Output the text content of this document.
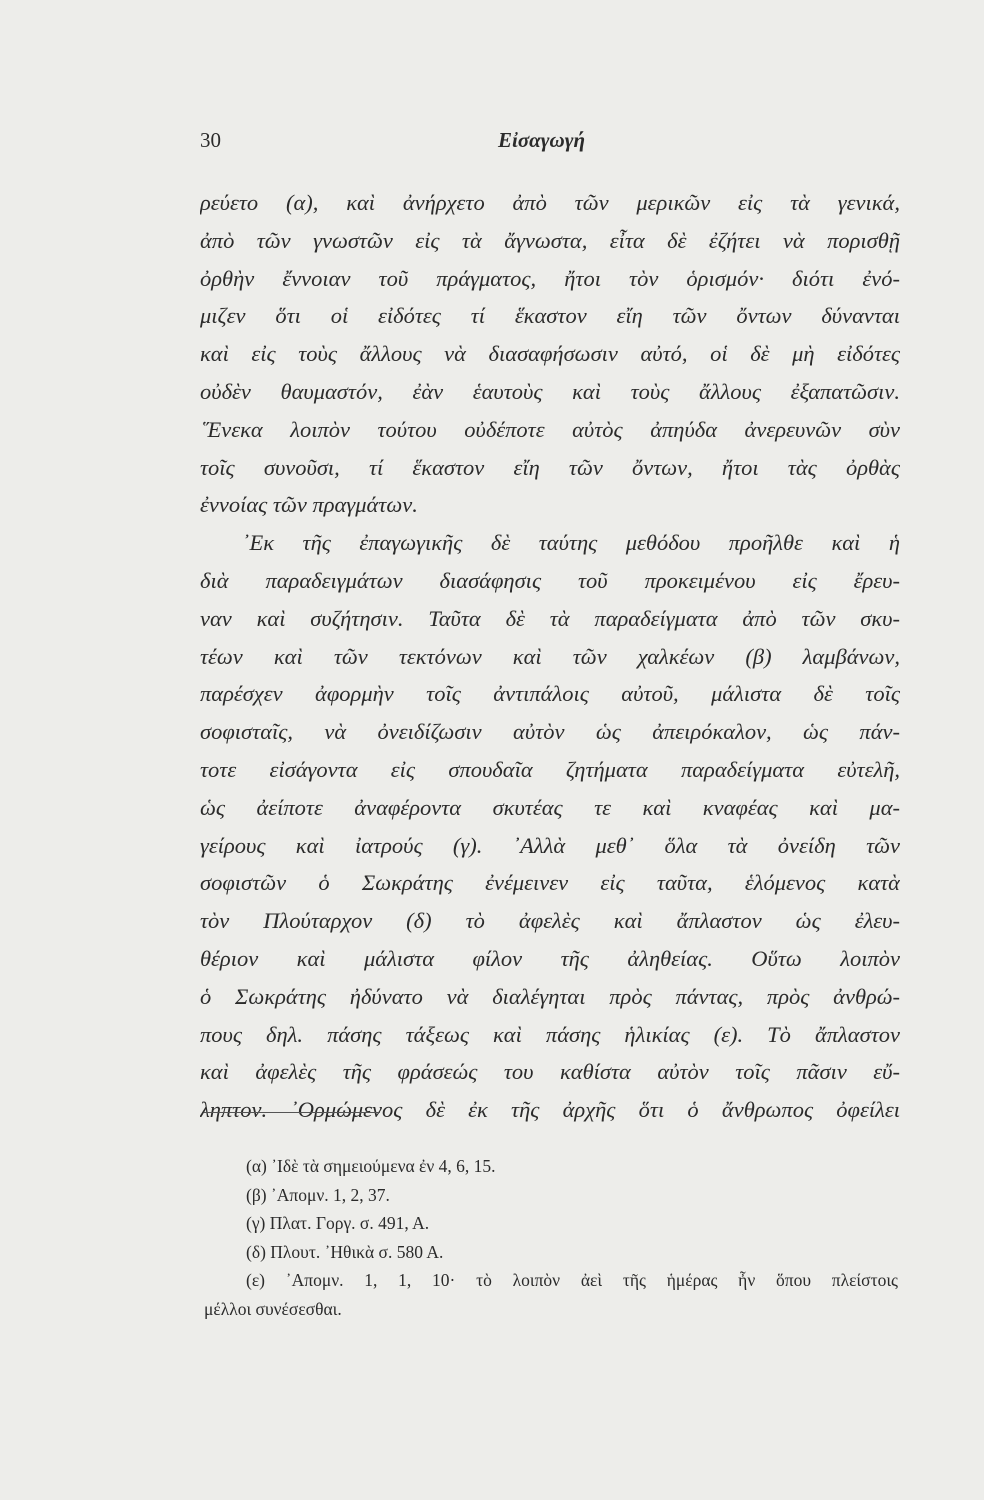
30	Εἰσαγωγή
ρεύετο (α), καὶ ἀνήρχετο ἀπὸ τῶν μερικῶν εἰς τὰ γενικά,
ἀπὸ τῶν γνωστῶν εἰς τὰ ἄγνωστα, εἶτα δὲ ἐζήτει νὰ πορισθῇ
ὀρθὴν ἔννοιαν τοῦ πράγματος, ἤτοι τὸν ὁρισμόν· διότι ἐνό-
μιζεν ὅτι οἱ εἰδότες τί ἕκαστον εἴη τῶν ὄντων δύνανται
καὶ εἰς τοὺς ἄλλους νὰ διασαφήσωσιν αὐτό, οἱ δὲ μὴ εἰδότες
οὐδὲν θαυμαστόν, ἐὰν ἑαυτοὺς καὶ τοὺς ἄλλους ἐξαπατῶσιν.
῞Ενεκα λοιπὸν τούτου οὐδέποτε αὐτὸς ἀπηύδα ἀνερευνῶν σὺν
τοῖς συνοῦσι, τί ἕκαστον εἴη τῶν ὄντων, ἤτοι τὰς ὀρθὰς
ἐννοίας τῶν πραγμάτων.
᾿Εκ τῆς ἐπαγωγικῆς δὲ ταύτης μεθόδου προῆλθε καὶ ἡ
διὰ παραδειγμάτων διασάφησις τοῦ προκειμένου εἰς ἔρευ-
ναν καὶ συζήτησιν. Ταῦτα δὲ τὰ παραδείγματα ἀπὸ τῶν σκυ-
τέων καὶ τῶν τεκτόνων καὶ τῶν χαλκέων (β) λαμβάνων,
παρέσχεν ἀφορμὴν τοῖς ἀντιπάλοις αὐτοῦ, μάλιστα δὲ τοῖς
σοφισταῖς, νὰ ὀνειδίζωσιν αὐτὸν ὡς ἀπειρόκαλον, ὡς πάν-
τοτε εἰσάγοντα εἰς σπουδαῖα ζητήματα παραδείγματα εὐτελῆ,
ὡς ἀείποτε ἀναφέροντα σκυτέας τε καὶ κναφέας καὶ μα-
γείρους καὶ ἰατρούς (γ). ᾿Αλλὰ μεθ᾿ ὅλα τὰ ὀνείδη τῶν
σοφιστῶν ὁ Σωκράτης ἐνέμεινεν εἰς ταῦτα, ἑλόμενος κατὰ
τὸν Πλούταρχον (δ) τὸ ἀφελὲς καὶ ἄπλαστον ὡς ἐλευ-
θέριον καὶ μάλιστα φίλον τῆς ἀληθείας. Οὕτω λοιπὸν
ὁ Σωκράτης ἠδύνατο νὰ διαλέγηται πρὸς πάντας, πρὸς ἀνθρώ-
πους δηλ. πάσης τάξεως καὶ πάσης ἡλικίας (ε). Τὸ ἄπλαστον
καὶ ἀφελὲς τῆς φράσεώς του καθίστα αὐτὸν τοῖς πᾶσιν εὔ-
ληπτον. ᾿Ορμώμενος δὲ ἐκ τῆς ἀρχῆς ὅτι ὁ ἄνθρωπος ὀφείλει
(α) ᾿Ιδὲ τὰ σημειούμενα ἐν 4, 6, 15.
(β) ᾿Απομν. 1, 2, 37.
(γ) Πλατ. Γοργ. σ. 491, Α.
(δ) Πλουτ. ᾿Ηθικὰ σ. 580 Α.
(ε) ᾿Απομν. 1, 1, 10· τὸ λοιπὸν ἀεὶ τῆς ἡμέρας ἦν ὅπου πλείστοις
μέλλοι συνέσεσθαι.
